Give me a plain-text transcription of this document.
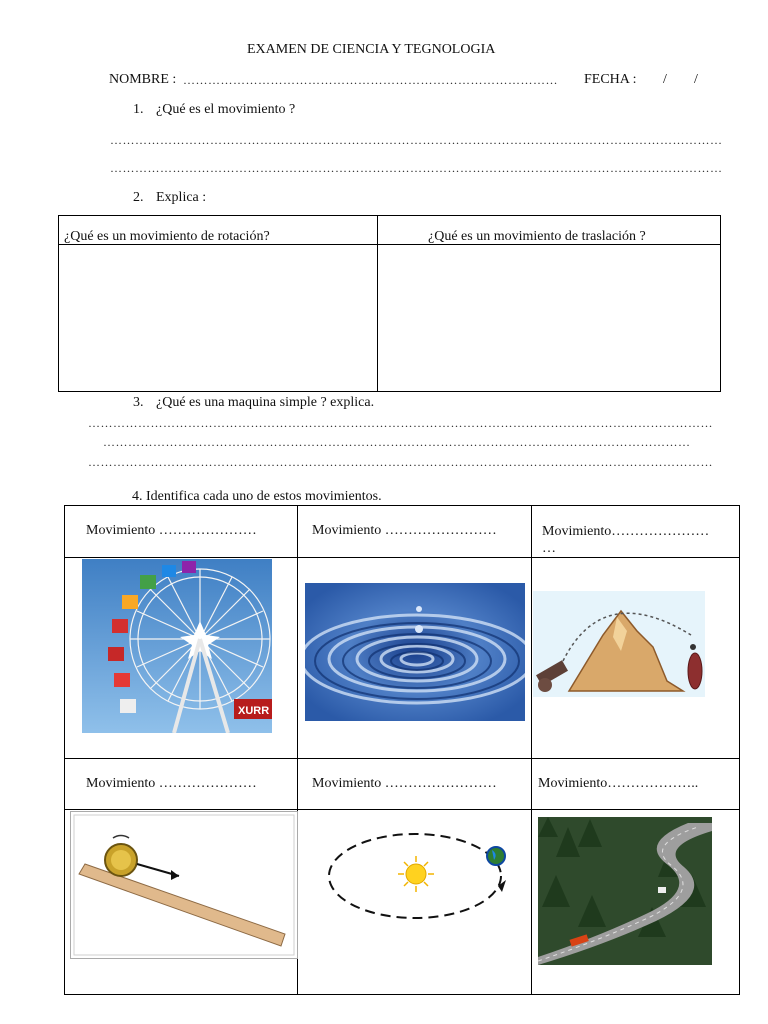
EXAMEN DE CIENCIA Y TEGNOLOGIA
NOMBRE : ………………………………………………………………………………	FECHA : / /
1. ¿Qué es el movimiento ?
…………………………………………………………………………………………………………………………………
…………………………………………………………………………………………………………………………………
2. Explica :
¿Qué es un movimiento de rotación?	¿Qué es un movimiento de traslación ?
3. ¿Qué es una maquina simple ? explica.
……………………………………………………………………………………………………………………………………
……………………………………………………………………………………………………………………………
……………………………………………………………………………………………………………………………………
4. Identifica cada uno de estos movimientos.
Movimiento …………………	Movimiento ……………………	Movimiento…………………
…
XURR
Movimiento …………………	Movimiento ……………………	Movimiento………………..
